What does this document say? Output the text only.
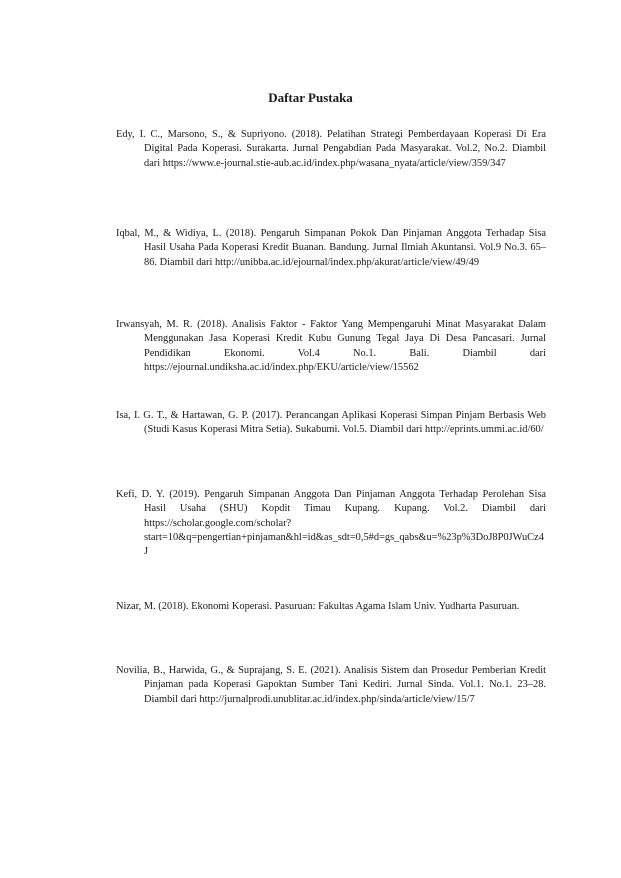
Daftar Pustaka
Edy, I. C., Marsono, S., & Supriyono. (2018). Pelatihan Strategi Pemberdayaan Koperasi Di Era Digital Pada Koperasi. Surakarta. Jurnal Pengabdian Pada Masyarakat. Vol.2, No.2. Diambil dari https://www.e-journal.stie-aub.ac.id/index.php/wasana_nyata/article/view/359/347
Iqbal, M., & Widiya, L. (2018). Pengaruh Simpanan Pokok Dan Pinjaman Anggota Terhadap Sisa Hasil Usaha Pada Koperasi Kredit Buanan. Bandung. Jurnal Ilmiah Akuntansi. Vol.9 No.3. 65–86. Diambil dari http://unibba.ac.id/ejournal/index.php/akurat/article/view/49/49
Irwansyah, M. R. (2018). Analisis Faktor - Faktor Yang Mempengaruhi Minat Masyarakat Dalam Menggunakan Jasa Koperasi Kredit Kubu Gunung Tegal Jaya Di Desa Pancasari. Jurnal Pendidikan Ekonomi. Vol.4 No.1. Bali. Diambil dari https://ejournal.undiksha.ac.id/index.php/EKU/article/view/15562
Isa, I. G. T., & Hartawan, G. P. (2017). Perancangan Aplikasi Koperasi Simpan Pinjam Berbasis Web (Studi Kasus Koperasi Mitra Setia). Sukabumi. Vol.5. Diambil dari http://eprints.ummi.ac.id/60/
Kefi, D. Y. (2019). Pengaruh Simpanan Anggota Dan Pinjaman Anggota Terhadap Perolehan Sisa Hasil Usaha (SHU) Kopdit Timau Kupang. Kupang. Vol.2. Diambil dari https://scholar.google.com/scholar?start=10&q=pengertian+pinjaman&hl=id&as_sdt=0,5#d=gs_qabs&u=%23p%3DoJ8P0JWuCz4J
Nizar, M. (2018). Ekonomi Koperasi. Pasuruan: Fakultas Agama Islam Univ. Yudharta Pasuruan.
Novilia, B., Harwida, G., & Suprajang, S. E. (2021). Analisis Sistem dan Prosedur Pemberian Kredit Pinjaman pada Koperasi Gapoktan Sumber Tani Kediri. Jurnal Sinda. Vol.1. No.1. 23–28. Diambil dari http://jurnalprodi.unublitar.ac.id/index.php/sinda/article/view/15/7
